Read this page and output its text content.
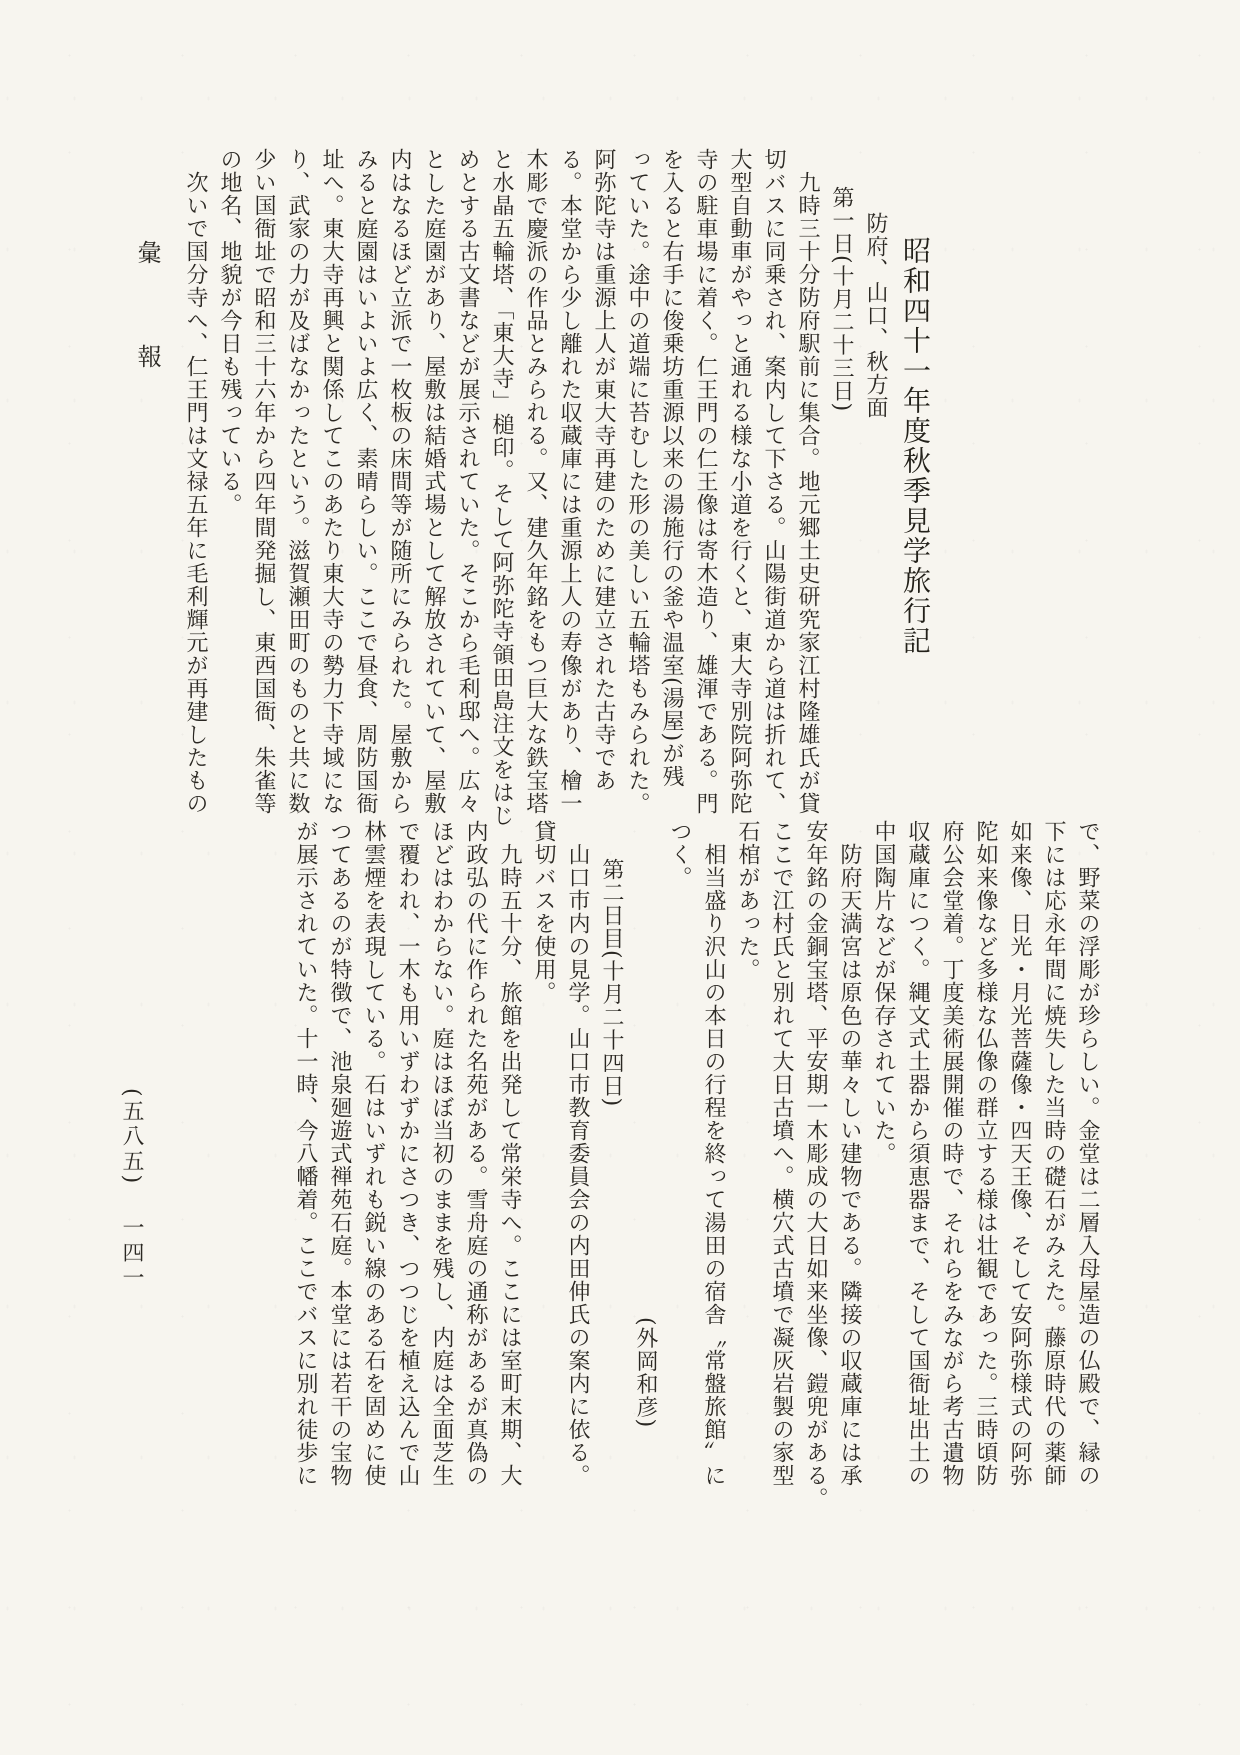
彙 報	昭和四十一年度秋季見学旅行記
防府、山口、秋方面
第一日(十月二十三日)
　九時三十分防府駅前に集合。地元郷土史研究家江村隆雄氏が貸
切バスに同乗され、案内して下さる。山陽街道から道は折れて、
大型自動車がやっと通れる様な小道を行くと、東大寺別院阿弥陀
寺の駐車場に着く。仁王門の仁王像は寄木造り、雄渾である。門
を入ると右手に俊乗坊重源以来の湯施行の釜や温室(湯屋)が残
っていた。途中の道端に苔むした形の美しい五輪塔もみられた。
阿弥陀寺は重源上人が東大寺再建のために建立された古寺であ
る。本堂から少し離れた収蔵庫には重源上人の寿像があり、檜一
木彫で慶派の作品とみられる。又、建久年銘をもつ巨大な鉄宝塔
と水晶五輪塔、「東大寺」槌印。そして阿弥陀寺領田島注文をはじ
めとする古文書などが展示されていた。そこから毛利邸へ。広々
とした庭園があり、屋敷は結婚式場として解放されていて、屋敷
内はなるほど立派で一枚板の床間等が随所にみられた。屋敷から
みると庭園はいよいよ広く、素晴らしい。ここで昼食、周防国衙
址へ。東大寺再興と関係してこのあたり東大寺の勢力下寺域にな
り、武家の力が及ばなかったという。滋賀瀬田町のものと共に数
少い国衙址で昭和三十六年から四年間発掘し、東西国衙、朱雀等
の地名、地貌が今日も残っている。
　次いで国分寺へ、仁王門は文禄五年に毛利輝元が再建したもの
で、野菜の浮彫が珍らしい。金堂は二層入母屋造の仏殿で、縁の
下には応永年間に焼失した当時の礎石がみえた。藤原時代の薬師
如来像、日光・月光菩薩像・四天王像、そして安阿弥様式の阿弥
陀如来像など多様な仏像の群立する様は壮観であった。三時頃防
府公会堂着。丁度美術展開催の時で、それらをみながら考古遺物
収蔵庫につく。縄文式土器から須恵器まで、そして国衙址出土の
中国陶片などが保存されていた。
　防府天満宮は原色の華々しい建物である。隣接の収蔵庫には承
安年銘の金銅宝塔、平安期一木彫成の大日如来坐像、鎧兜がある。
ここで江村氏と別れて大日古墳へ。横穴式古墳で凝灰岩製の家型
石棺があった。
　相当盛り沢山の本日の行程を終って湯田の宿舎〝常盤旅館〟に
つく。
(外岡和彦)
第二日目(十月二十四日)
　山口市内の見学。山口市教育委員会の内田伸氏の案内に依る。
貸切バスを使用。
　九時五十分、旅館を出発して常栄寺へ。ここには室町末期、大
内政弘の代に作られた名苑がある。雪舟庭の通称があるが真偽の
ほどはわからない。庭はほぼ当初のままを残し、内庭は全面芝生
で覆われ、一木も用いずわずかにさつき、つつじを植え込んで山
林雲煙を表現している。石はいずれも鋭い線のある石を固めに使
つてあるのが特徴で、池泉廻遊式禅苑石庭。本堂には若干の宝物
が展示されていた。十一時、今八幡着。ここでバスに別れ徒歩に
(五八五) 一四一
